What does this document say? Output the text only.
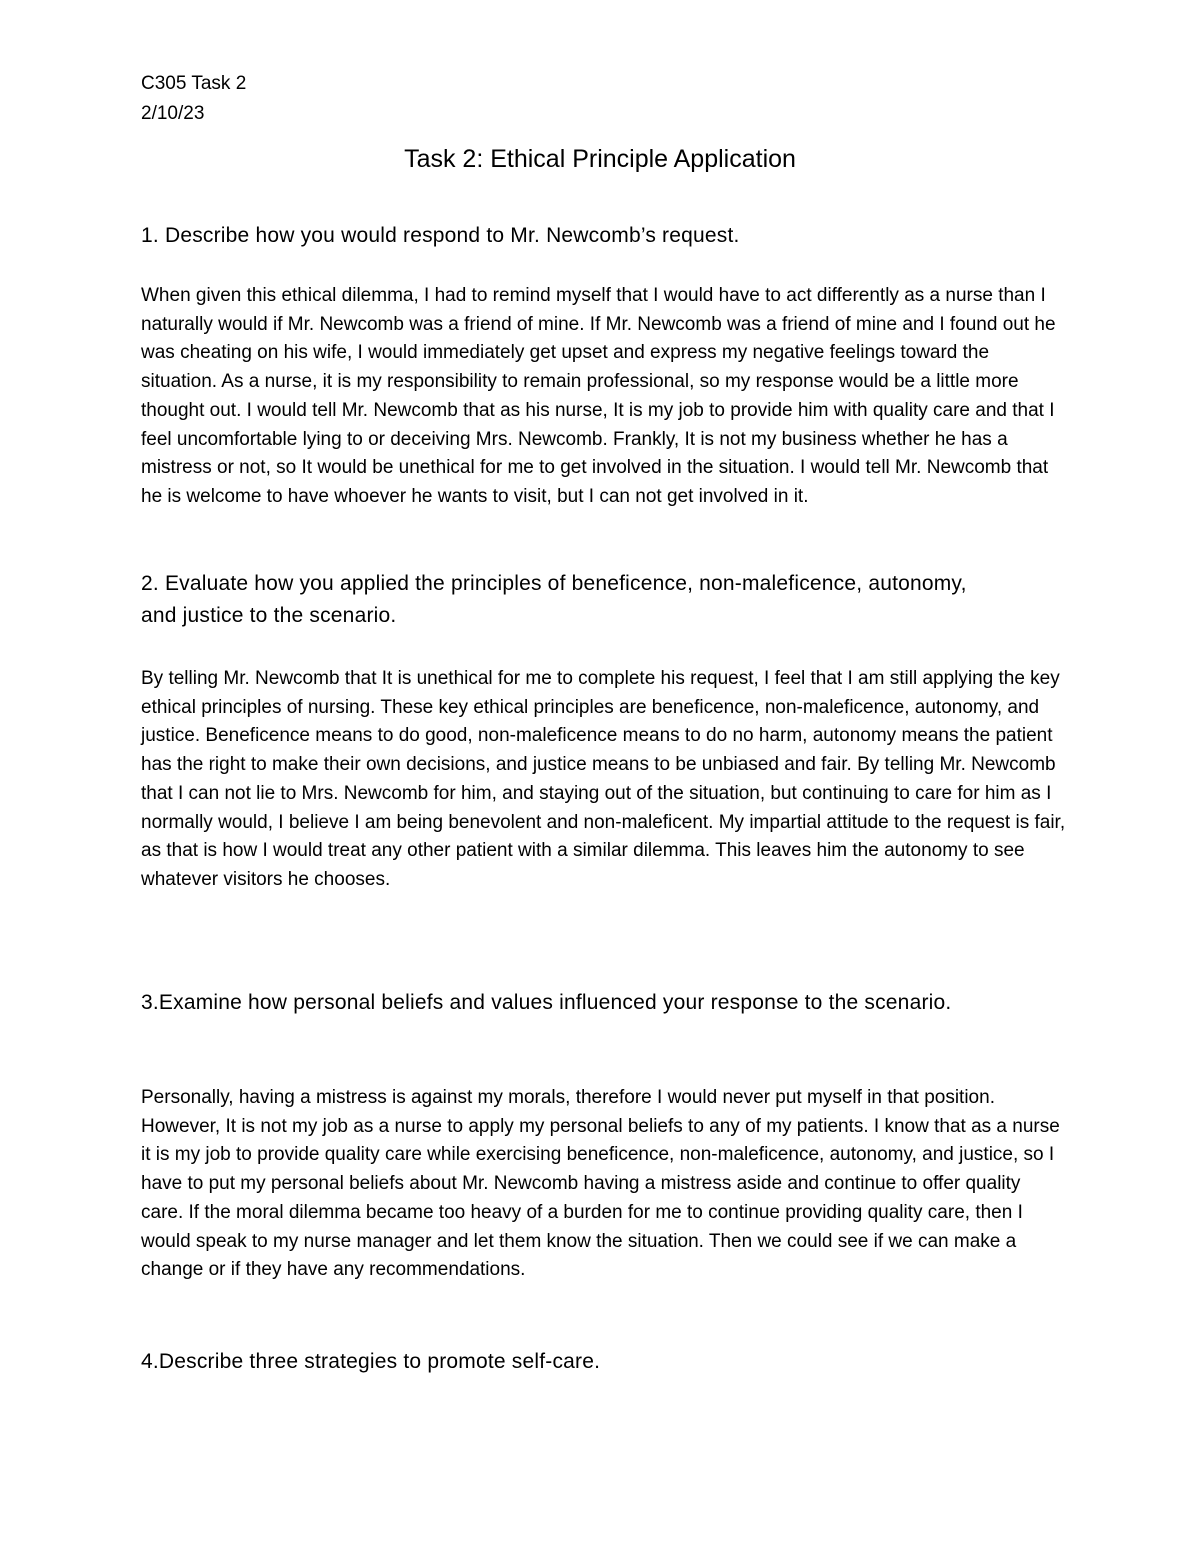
C305 Task 2
2/10/23
Task 2: Ethical Principle Application
1. Describe how you would respond to Mr. Newcomb’s request.

When given this ethical dilemma, I had to remind myself that I would have to act differently as a nurse than I naturally would if Mr. Newcomb was a friend of mine. If Mr. Newcomb was a friend of mine and I found out he was cheating on his wife, I would immediately get upset and express my negative feelings toward the situation. As a nurse, it is my responsibility to remain professional, so my response would be a little more thought out. I would tell Mr. Newcomb that as his nurse, It is my job to provide him with quality care and that I feel uncomfortable lying to or deceiving Mrs. Newcomb. Frankly, It is not my business whether he has a mistress or not, so It would be unethical for me to get involved in the situation. I would tell Mr. Newcomb that he is welcome to have whoever he wants to visit, but I can not get involved in it.

2. Evaluate how you applied the principles of beneficence, non-maleficence, autonomy, and justice to the scenario.

By telling Mr. Newcomb that It is unethical for me to complete his request, I feel that I am still applying the key ethical principles of nursing. These key ethical principles are beneficence, non-maleficence, autonomy, and justice. Beneficence means to do good, non-maleficence means to do no harm, autonomy means the patient has the right to make their own decisions, and justice means to be unbiased and fair. By telling Mr. Newcomb that I can not lie to Mrs. Newcomb for him, and staying out of the situation, but continuing to care for him as I normally would, I believe I am being benevolent and non-maleficent. My impartial attitude to the request is fair, as that is how I would treat any other patient with a similar dilemma. This leaves him the autonomy to see whatever visitors he chooses.

3.Examine how personal beliefs and values influenced your response to the scenario.

Personally, having a mistress is against my morals, therefore I would never put myself in that position. However, It is not my job as a nurse to apply my personal beliefs to any of my patients. I know that as a nurse it is my job to provide quality care while exercising beneficence, non-maleficence, autonomy, and justice, so I have to put my personal beliefs about Mr. Newcomb having a mistress aside and continue to offer quality care. If the moral dilemma became too heavy of a burden for me to continue providing quality care, then I would speak to my nurse manager and let them know the situation. Then we could see if we can make a change or if they have any recommendations.

4.Describe three strategies to promote self-care.
